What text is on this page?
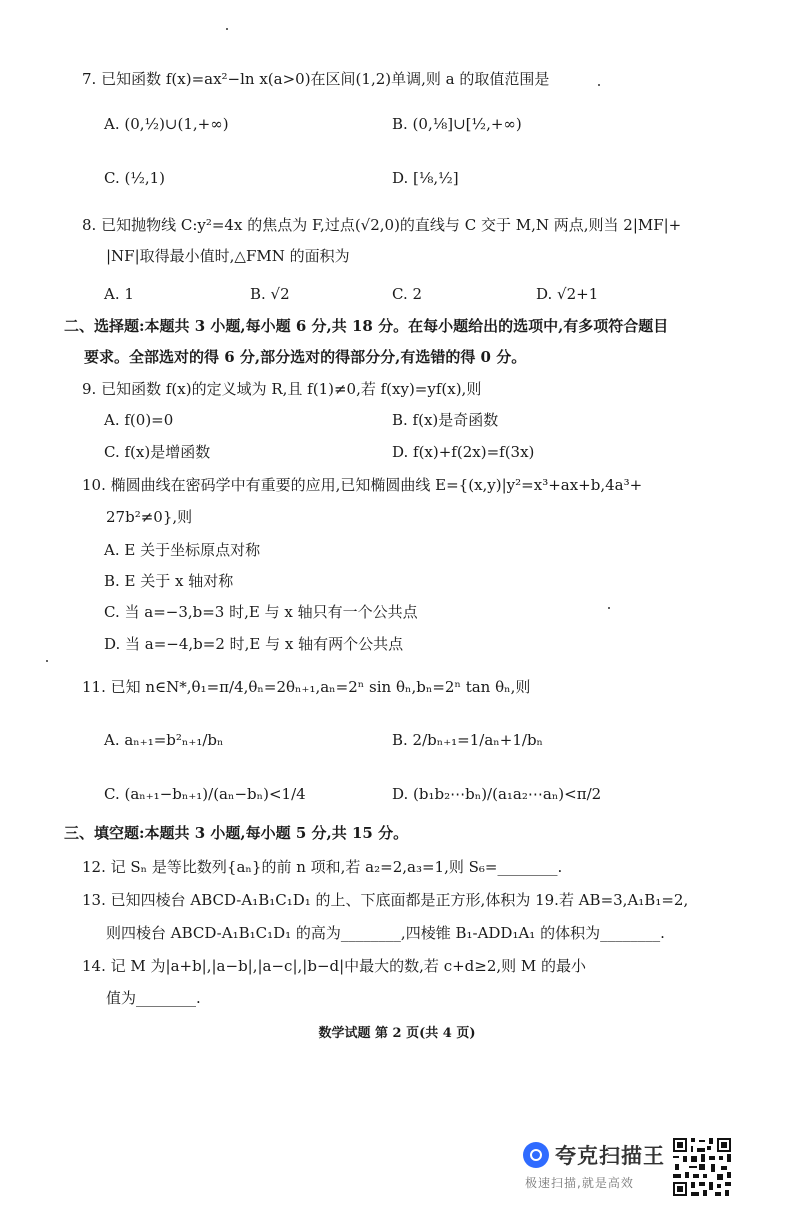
7. 已知函数 f(x)=ax²−ln x(a>0)在区间(1,2)单调,则 a 的取值范围是
A. (0,½)∪(1,+∞)	B. (0,⅛]∪[½,+∞)
C. (½,1)	D. [⅛,½]
8. 已知抛物线 C:y²=4x 的焦点为 F,过点(√2,0)的直线与 C 交于 M,N 两点,则当 2|MF|+
|NF|取得最小值时,△FMN 的面积为
A. 1	B. √2	C. 2	D. √2+1
二、选择题:本题共 3 小题,每小题 6 分,共 18 分。在每小题给出的选项中,有多项符合题目
要求。全部选对的得 6 分,部分选对的得部分分,有选错的得 0 分。
9. 已知函数 f(x)的定义域为 R,且 f(1)≠0,若 f(xy)=yf(x),则
A. f(0)=0	B. f(x)是奇函数
C. f(x)是增函数	D. f(x)+f(2x)=f(3x)
10. 椭圆曲线在密码学中有重要的应用,已知椭圆曲线 E={(x,y)|y²=x³+ax+b,4a³+
27b²≠0},则
A. E 关于坐标原点对称
B. E 关于 x 轴对称
C. 当 a=−3,b=3 时,E 与 x 轴只有一个公共点
D. 当 a=−4,b=2 时,E 与 x 轴有两个公共点
11. 已知 n∈N*,θ₁=π/4,θₙ=2θₙ₊₁,aₙ=2ⁿ sin θₙ,bₙ=2ⁿ tan θₙ,则
A. aₙ₊₁=b²ₙ₊₁/bₙ	B. 2/bₙ₊₁=1/aₙ+1/bₙ
C. (aₙ₊₁−bₙ₊₁)/(aₙ−bₙ)<1/4	D. (b₁b₂⋯bₙ)/(a₁a₂⋯aₙ)<π/2
三、填空题:本题共 3 小题,每小题 5 分,共 15 分。
12. 记 Sₙ 是等比数列{aₙ}的前 n 项和,若 a₂=2,a₃=1,则 S₆=________.
13. 已知四棱台 ABCD-A₁B₁C₁D₁ 的上、下底面都是正方形,体积为 19.若 AB=3,A₁B₁=2,
则四棱台 ABCD-A₁B₁C₁D₁ 的高为________,四棱锥 B₁-ADD₁A₁ 的体积为________.
14. 记 M 为|a+b|,|a−b|,|a−c|,|b−d|中最大的数,若 c+d≥2,则 M 的最小
值为________.
数学试题 第 2 页(共 4 页)
夸克扫描王
极速扫描,就是高效
